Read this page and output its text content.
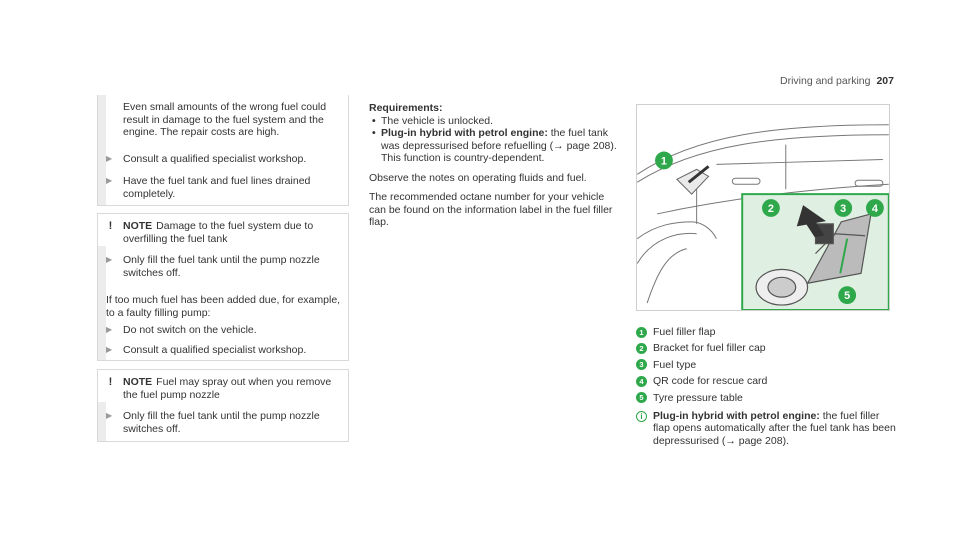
Driving and parking 207
Even small amounts of the wrong fuel could result in damage to the fuel system and the engine. The repair costs are high.
▶	Consult a qualified specialist workshop.
▶	Have the fuel tank and fuel lines drained completely.
!	NOTE Damage to the fuel system due to overfilling the fuel tank
▶	Only fill the fuel tank until the pump nozzle switches off.
If too much fuel has been added due, for example, to a faulty filling pump:
▶	Do not switch on the vehicle.
▶	Consult a qualified specialist workshop.
!	NOTE Fuel may spray out when you remove the fuel pump nozzle
▶	Only fill the fuel tank until the pump nozzle switches off.
Requirements:
• The vehicle is unlocked.
• Plug-in hybrid with petrol engine: the fuel tank was depressurised before refuelling (→ page 208). This function is country-dependent.

Observe the notes on operating fluids and fuel.

The recommended octane number for your vehicle can be found on the information label in the fuel filler flap.

1
2	3 4
5
1 Fuel filler flap
2 Bracket for fuel filler cap
3 Fuel type
4 QR code for rescue card
5 Tyre pressure table
i Plug-in hybrid with petrol engine: the fuel filler flap opens automatically after the fuel tank has been depressurised (→ page 208).
